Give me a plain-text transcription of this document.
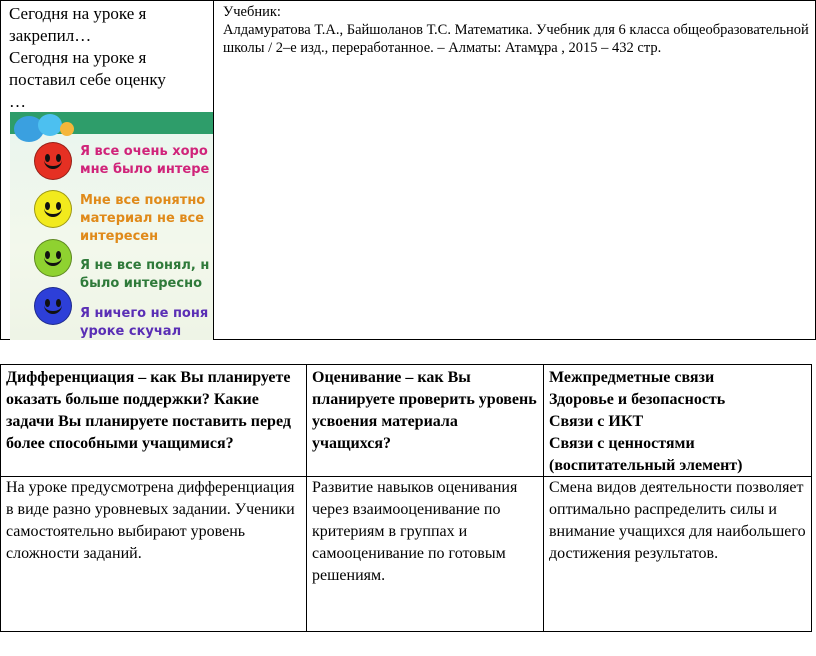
Сегодня на уроке я
закрепил…
Сегодня на уроке я
поставил себе оценку
…
Я все очень хоро
мне было интере
Мне все понятно
материал не все
интересен
Я не все понял, н
было интересно
Я ничего не поня
уроке скучал
Учебник:
Алдамуратова Т.А., Байшоланов Т.С. Математика. Учебник для 6 класса общеобразовательной школы / 2–е изд., переработанное. – Алматы: Атамұра , 2015 – 432 стр.
Дифференциация – как Вы планируете оказать больше поддержки? Какие задачи Вы планируете поставить перед более способными учащимися?
Оценивание – как Вы планируете проверить уровень усвоения материала учащихся?
Межпредметные связи
Здоровье и безопасность
Связи с ИКТ
Связи с ценностями (воспитательный элемент)
На уроке предусмотрена дифференциация в виде разно уровневых задании. Ученики самостоятельно выбирают уровень сложности заданий.
Развитие навыков оценивания через взаимооценивание по критериям в группах и самооценивание по готовым решениям.
Смена видов деятельности позволяет оптимально распределить силы и внимание учащихся для наибольшего достижения результатов.
